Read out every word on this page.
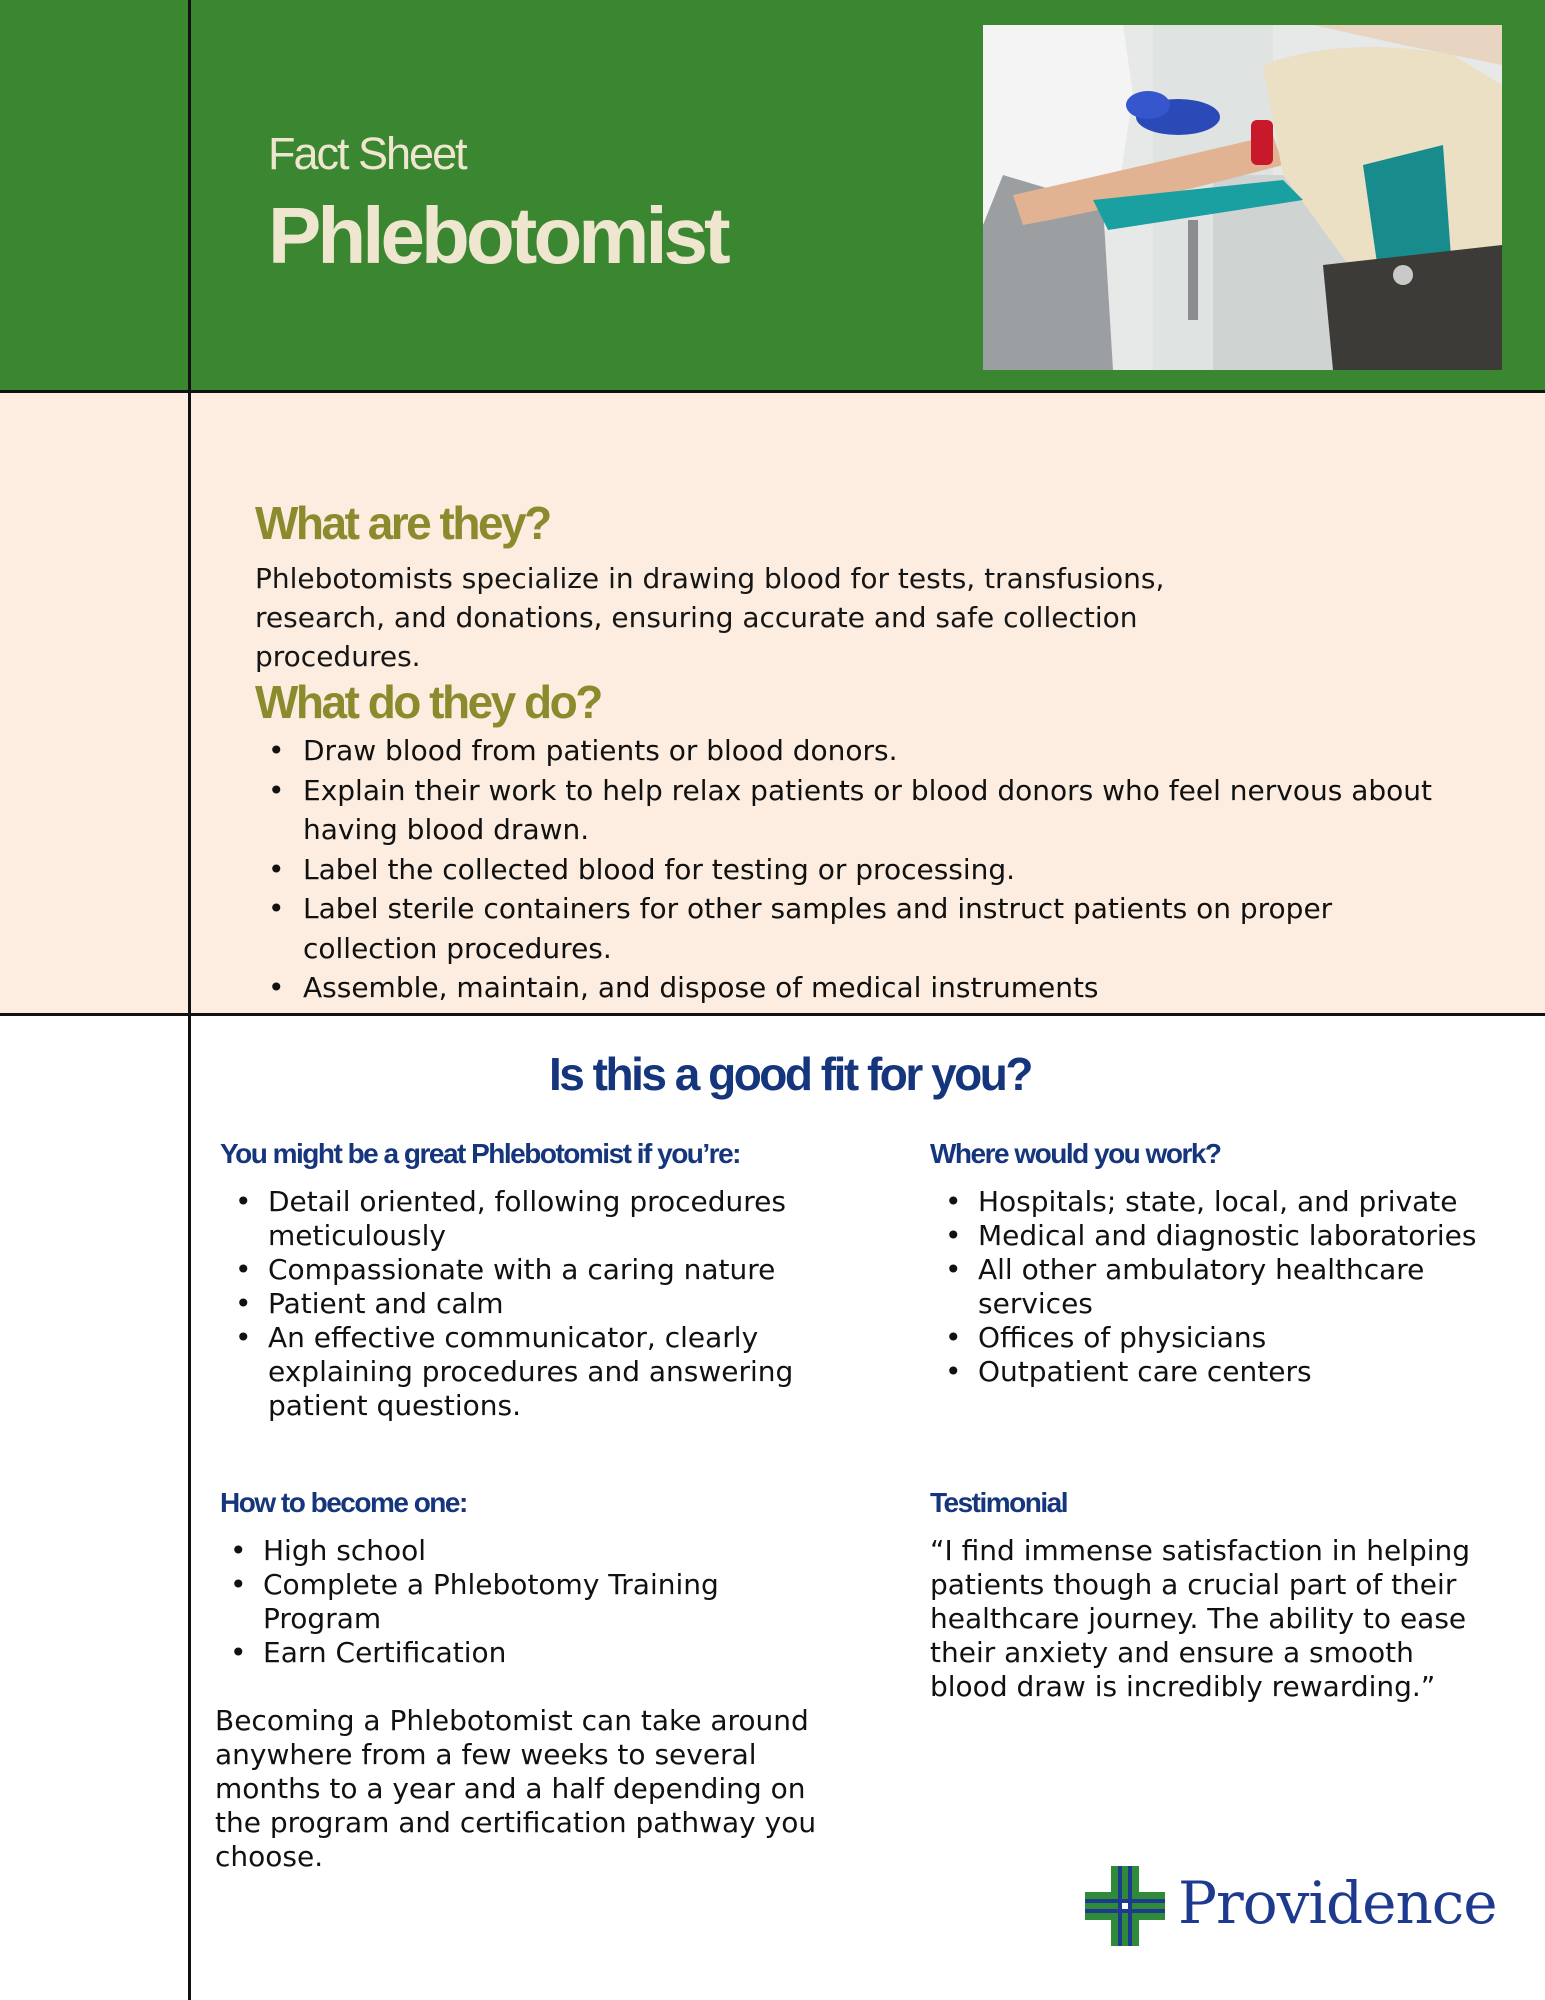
Fact Sheet
Phlebotomist
What are they?
Phlebotomists specialize in drawing blood for tests, transfusions, research, and donations, ensuring accurate and safe collection procedures.
What do they do?
• Draw blood from patients or blood donors.
• Explain their work to help relax patients or blood donors who feel nervous about having blood drawn.
• Label the collected blood for testing or processing.
• Label sterile containers for other samples and instruct patients on proper collection procedures.
• Assemble, maintain, and dispose of medical instruments
Is this a good fit for you?
You might be a great Phlebotomist if you’re:
• Detail oriented, following procedures meticulously
• Compassionate with a caring nature
• Patient and calm
• An effective communicator, clearly explaining procedures and answering patient questions.
Where would you work?
• Hospitals; state, local, and private
• Medical and diagnostic laboratories
• All other ambulatory healthcare services
• Offices of physicians
• Outpatient care centers
How to become one:
• High school
• Complete a Phlebotomy Training Program
• Earn Certification
Becoming a Phlebotomist can take around anywhere from a few weeks to several months to a year and a half depending on the program and certification pathway you choose.
Testimonial
“I find immense satisfaction in helping patients though a crucial part of their healthcare journey. The ability to ease their anxiety and ensure a smooth blood draw is incredibly rewarding.”
Providence
